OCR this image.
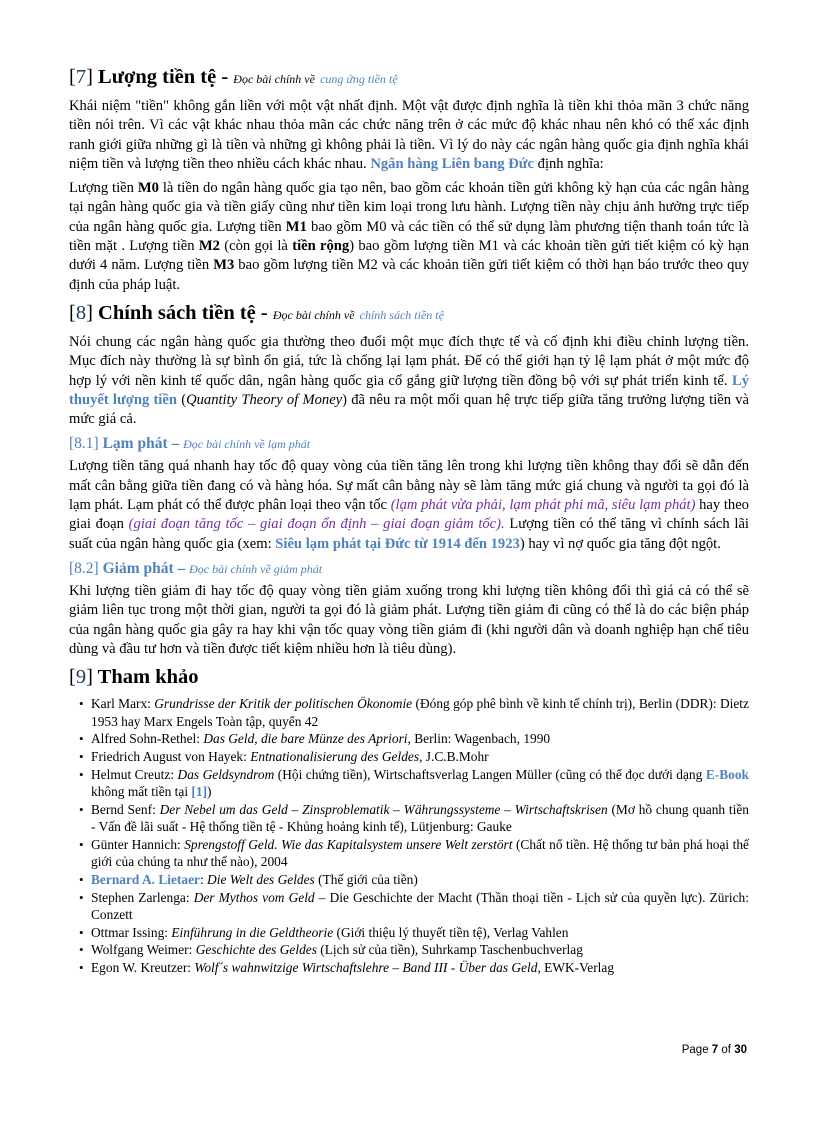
[7] Lượng tiền tệ - Đọc bài chính về cung ứng tiền tệ

Khái niệm "tiền" không gắn liền với một vật nhất định. Một vật được định nghĩa là tiền khi thỏa mãn 3 chức năng tiền nói trên. Vì các vật khác nhau thỏa mãn các chức năng trên ở các mức độ khác nhau nên khó có thể xác định ranh giới giữa những gì là tiền và những gì không phải là tiền. Vì lý do này các ngân hàng quốc gia định nghĩa khái niệm tiền và lượng tiền theo nhiều cách khác nhau. Ngân hàng Liên bang Đức định nghĩa:

Lượng tiền M0 là tiền do ngân hàng quốc gia tạo nên, bao gồm các khoản tiền gửi không kỳ hạn của các ngân hàng tại ngân hàng quốc gia và tiền giấy cũng như tiền kim loại trong lưu hành. Lượng tiền này chịu ảnh hưởng trực tiếp của ngân hàng quốc gia. Lượng tiền M1 bao gồm M0 và các tiền có thể sử dụng làm phương tiện thanh toán tức là tiền mặt . Lượng tiền M2 (còn gọi là tiền rộng) bao gồm lượng tiền M1 và các khoản tiền gửi tiết kiệm có kỳ hạn dưới 4 năm. Lượng tiền M3 bao gồm lượng tiền M2 và các khoản tiền gửi tiết kiệm có thời hạn báo trước theo quy định của pháp luật.

[8] Chính sách tiền tệ - Đọc bài chính về chính sách tiền tệ

Nói chung các ngân hàng quốc gia thường theo đuổi một mục đích thực tế và cố định khi điều chỉnh lượng tiền. Mục đích này thường là sự bình ổn giá, tức là chống lại lạm phát. Để có thể giới hạn tỷ lệ lạm phát ở một mức độ hợp lý với nền kinh tế quốc dân, ngân hàng quốc gia cố gắng giữ lượng tiền đồng bộ với sự phát triển kinh tế. Lý thuyết lượng tiền (Quantity Theory of Money) đã nêu ra một mối quan hệ trực tiếp giữa tăng trưởng lượng tiền và mức giá cả.

[8.1] Lạm phát – Đọc bài chính về lạm phát

Lượng tiền tăng quá nhanh hay tốc độ quay vòng của tiền tăng lên trong khi lượng tiền không thay đổi sẽ dẫn đến mất cân bằng giữa tiền đang có và hàng hóa. Sự mất cân bằng này sẽ làm tăng mức giá chung và người ta gọi đó là lạm phát. Lạm phát có thể được phân loại theo vận tốc (lạm phát vừa phải, lạm phát phi mã, siêu lạm phát) hay theo giai đoạn (giai đoạn tăng tốc – giai đoạn ổn định – giai đoạn giảm tốc). Lượng tiền có thể tăng vì chính sách lãi suất của ngân hàng quốc gia (xem: Siêu lạm phát tại Đức từ 1914 đến 1923) hay vì nợ quốc gia tăng đột ngột.

[8.2] Giảm phát – Đọc bài chính về giảm phát

Khi lượng tiền giảm đi hay tốc độ quay vòng tiền giảm xuống trong khi lượng tiền không đổi thì giá cả có thể sẽ giảm liên tục trong một thời gian, người ta gọi đó là giảm phát. Lượng tiền giảm đi cũng có thể là do các biện pháp của ngân hàng quốc gia gây ra hay khi vận tốc quay vòng tiền giảm đi (khi người dân và doanh nghiệp hạn chế tiêu dùng và đầu tư hơn và tiền được tiết kiệm nhiều hơn là tiêu dùng).

[9] Tham khảo
• Karl Marx: Grundrisse der Kritik der politischen Ökonomie (Đóng góp phê bình về kinh tế chính trị), Berlin (DDR): Dietz 1953 hay Marx Engels Toàn tập, quyển 42
• Alfred Sohn-Rethel: Das Geld, die bare Münze des Apriori, Berlin: Wagenbach, 1990
• Friedrich August von Hayek: Entnationalisierung des Geldes, J.C.B.Mohr
• Helmut Creutz: Das Geldsyndrom (Hội chứng tiền), Wirtschaftsverlag Langen Müller (cũng có thể đọc dưới dạng E-Book không mất tiền tại [1])
• Bernd Senf: Der Nebel um das Geld – Zinsproblematik – Währungssysteme – Wirtschaftskrisen (Mơ hồ chung quanh tiền - Vấn đề lãi suất - Hệ thống tiền tệ - Khủng hoảng kinh tế), Lütjenburg: Gauke
• Günter Hannich: Sprengstoff Geld. Wie das Kapitalsystem unsere Welt zerstört (Chất nổ tiền. Hệ thống tư bản phá hoại thế giới của chúng ta như thế nào), 2004
• Bernard A. Lietaer: Die Welt des Geldes (Thế giới của tiền)
• Stephen Zarlenga: Der Mythos vom Geld – Die Geschichte der Macht (Thần thoại tiền - Lịch sử của quyền lực). Zürich: Conzett
• Ottmar Issing: Einführung in die Geldtheorie (Giới thiệu lý thuyết tiền tệ), Verlag Vahlen
• Wolfgang Weimer: Geschichte des Geldes (Lịch sử của tiền), Suhrkamp Taschenbuchverlag
• Egon W. Kreutzer: Wolf´s wahnwitzige Wirtschaftslehre – Band III - Über das Geld, EWK-Verlag
Page 7 of 30
